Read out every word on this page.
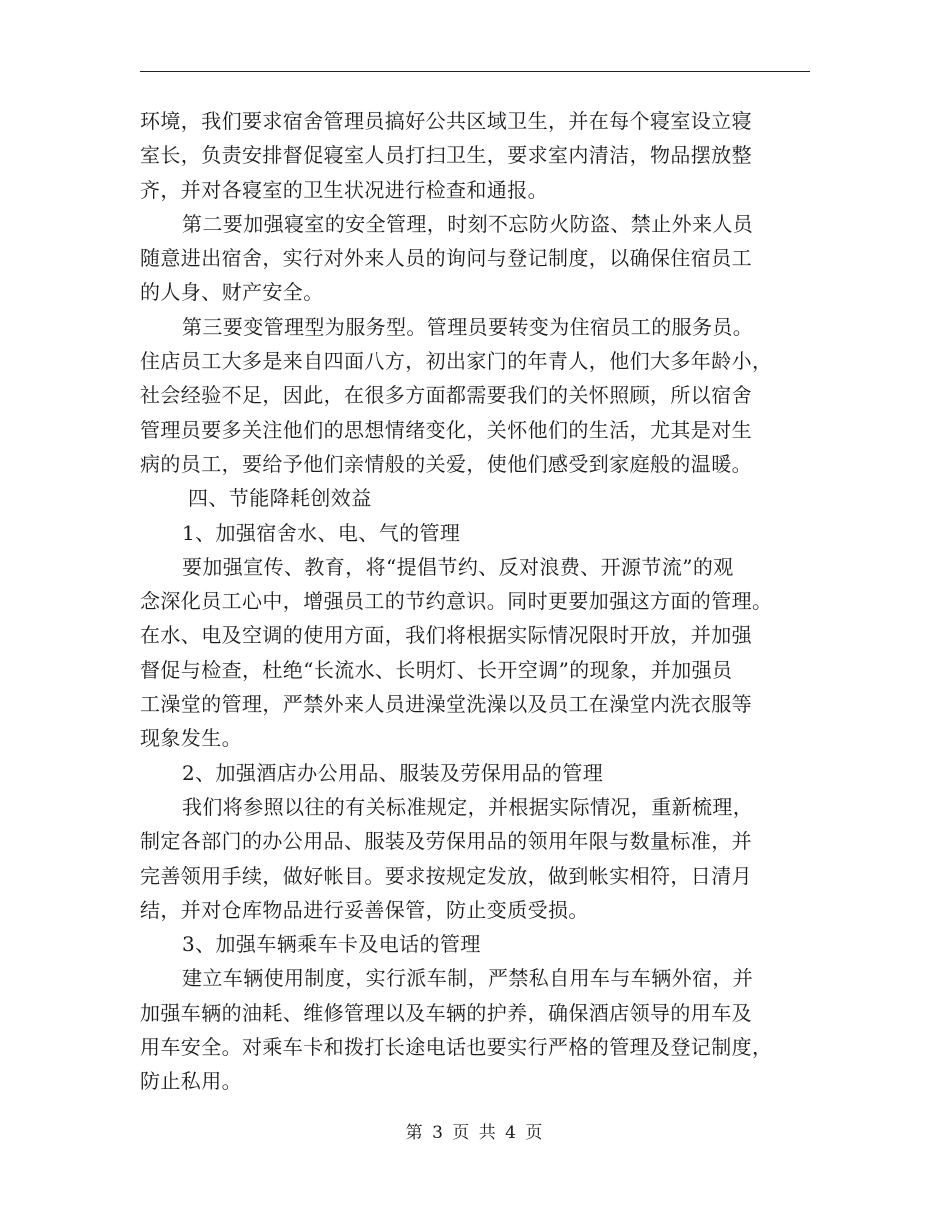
环境，我们要求宿舍管理员搞好公共区域卫生，并在每个寝室设立寝
室长，负责安排督促寝室人员打扫卫生，要求室内清洁，物品摆放整
齐，并对各寝室的卫生状况进行检查和通报。
第二要加强寝室的安全管理，时刻不忘防火防盗、禁止外来人员
随意进出宿舍，实行对外来人员的询问与登记制度，以确保住宿员工
的人身、财产安全。
第三要变管理型为服务型。管理员要转变为住宿员工的服务员。
住店员工大多是来自四面八方，初出家门的年青人，他们大多年龄小，
社会经验不足，因此，在很多方面都需要我们的关怀照顾，所以宿舍
管理员要多关注他们的思想情绪变化，关怀他们的生活，尤其是对生
病的员工，要给予他们亲情般的关爱，使他们感受到家庭般的温暖。
四、节能降耗创效益
1、加强宿舍水、电、气的管理
要加强宣传、教育，将“提倡节约、反对浪费、开源节流”的观
念深化员工心中，增强员工的节约意识。同时更要加强这方面的管理。
在水、电及空调的使用方面，我们将根据实际情况限时开放，并加强
督促与检查，杜绝“长流水、长明灯、长开空调”的现象，并加强员
工澡堂的管理，严禁外来人员进澡堂洗澡以及员工在澡堂内洗衣服等
现象发生。
2、加强酒店办公用品、服装及劳保用品的管理
我们将参照以往的有关标准规定，并根据实际情况，重新梳理，
制定各部门的办公用品、服装及劳保用品的领用年限与数量标准，并
完善领用手续，做好帐目。要求按规定发放，做到帐实相符，日清月
结，并对仓库物品进行妥善保管，防止变质受损。
3、加强车辆乘车卡及电话的管理
建立车辆使用制度，实行派车制，严禁私自用车与车辆外宿，并
加强车辆的油耗、维修管理以及车辆的护养，确保酒店领导的用车及
用车安全。对乘车卡和拨打长途电话也要实行严格的管理及登记制度，
防止私用。
第 3 页 共 4 页
